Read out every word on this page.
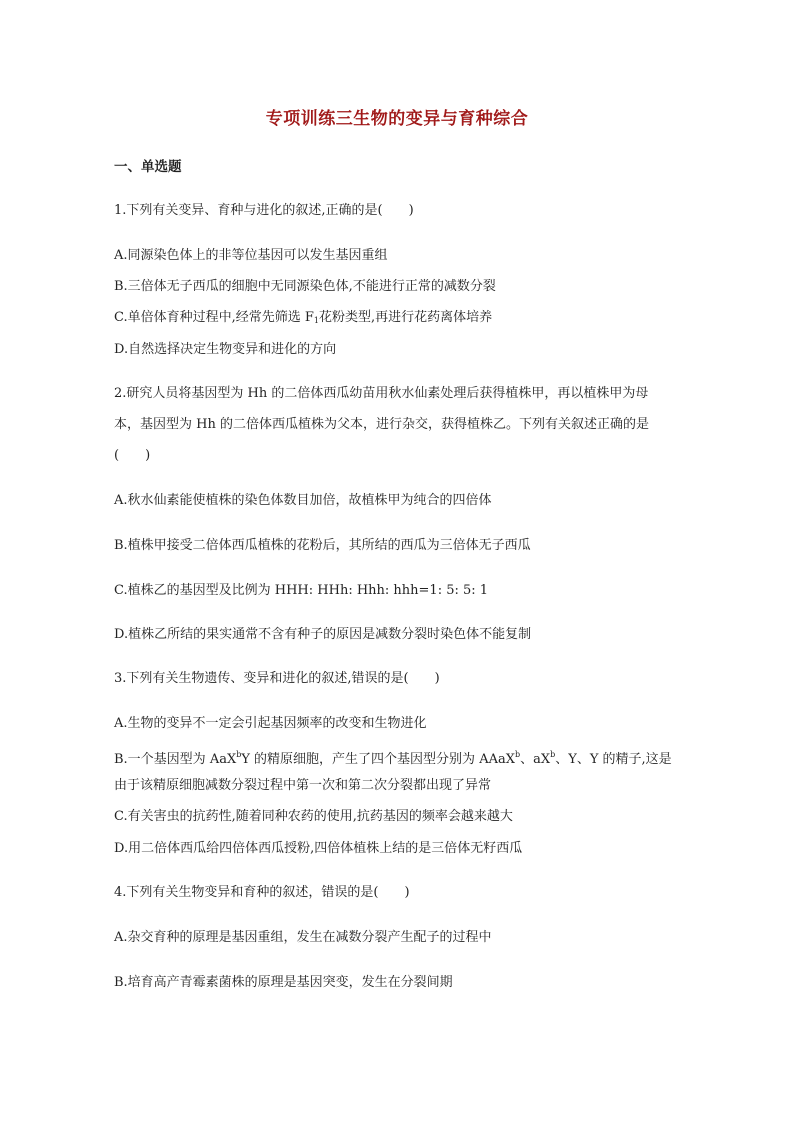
专项训练三生物的变异与育种综合
一、单选题
1.下列有关变异、育种与进化的叙述,正确的是(　　)
A.同源染色体上的非等位基因可以发生基因重组
B.三倍体无子西瓜的细胞中无同源染色体,不能进行正常的减数分裂
C.单倍体育种过程中,经常先筛选 $F_1$花粉类型,再进行花药离体培养
D.自然选择决定生物变异和进化的方向
2.研究人员将基因型为 Hh 的二倍体西瓜幼苗用秋水仙素处理后获得植株甲，再以植株甲为母
本，基因型为 Hh 的二倍体西瓜植株为父本，进行杂交，获得植株乙。下列有关叙述正确的是
(　　)
A.秋水仙素能使植株的染色体数目加倍，故植株甲为纯合的四倍体
B.植株甲接受二倍体西瓜植株的花粉后，其所结的西瓜为三倍体无子西瓜
C.植株乙的基因型及比例为 HHH: HHh: Hhh: hhh=1: 5: 5: 1
D.植株乙所结的果实通常不含有种子的原因是减数分裂时染色体不能复制
3.下列有关生物遗传、变异和进化的叙述,错误的是(　　)
A.生物的变异不一定会引起基因频率的改变和生物进化
B.一个基因型为 AaX$^b$Y 的精原细胞，产生了四个基因型分别为 AAaX$^b$、$aX^b$、Y、Y 的精子,这是
由于该精原细胞减数分裂过程中第一次和第二次分裂都出现了异常
C.有关害虫的抗药性,随着同种农药的使用,抗药基因的频率会越来越大
D.用二倍体西瓜给四倍体西瓜授粉,四倍体植株上结的是三倍体无籽西瓜
4.下列有关生物变异和育种的叙述，错误的是(　　)
A.杂交育种的原理是基因重组，发生在减数分裂产生配子的过程中
B.培育高产青霉素菌株的原理是基因突变，发生在分裂间期
